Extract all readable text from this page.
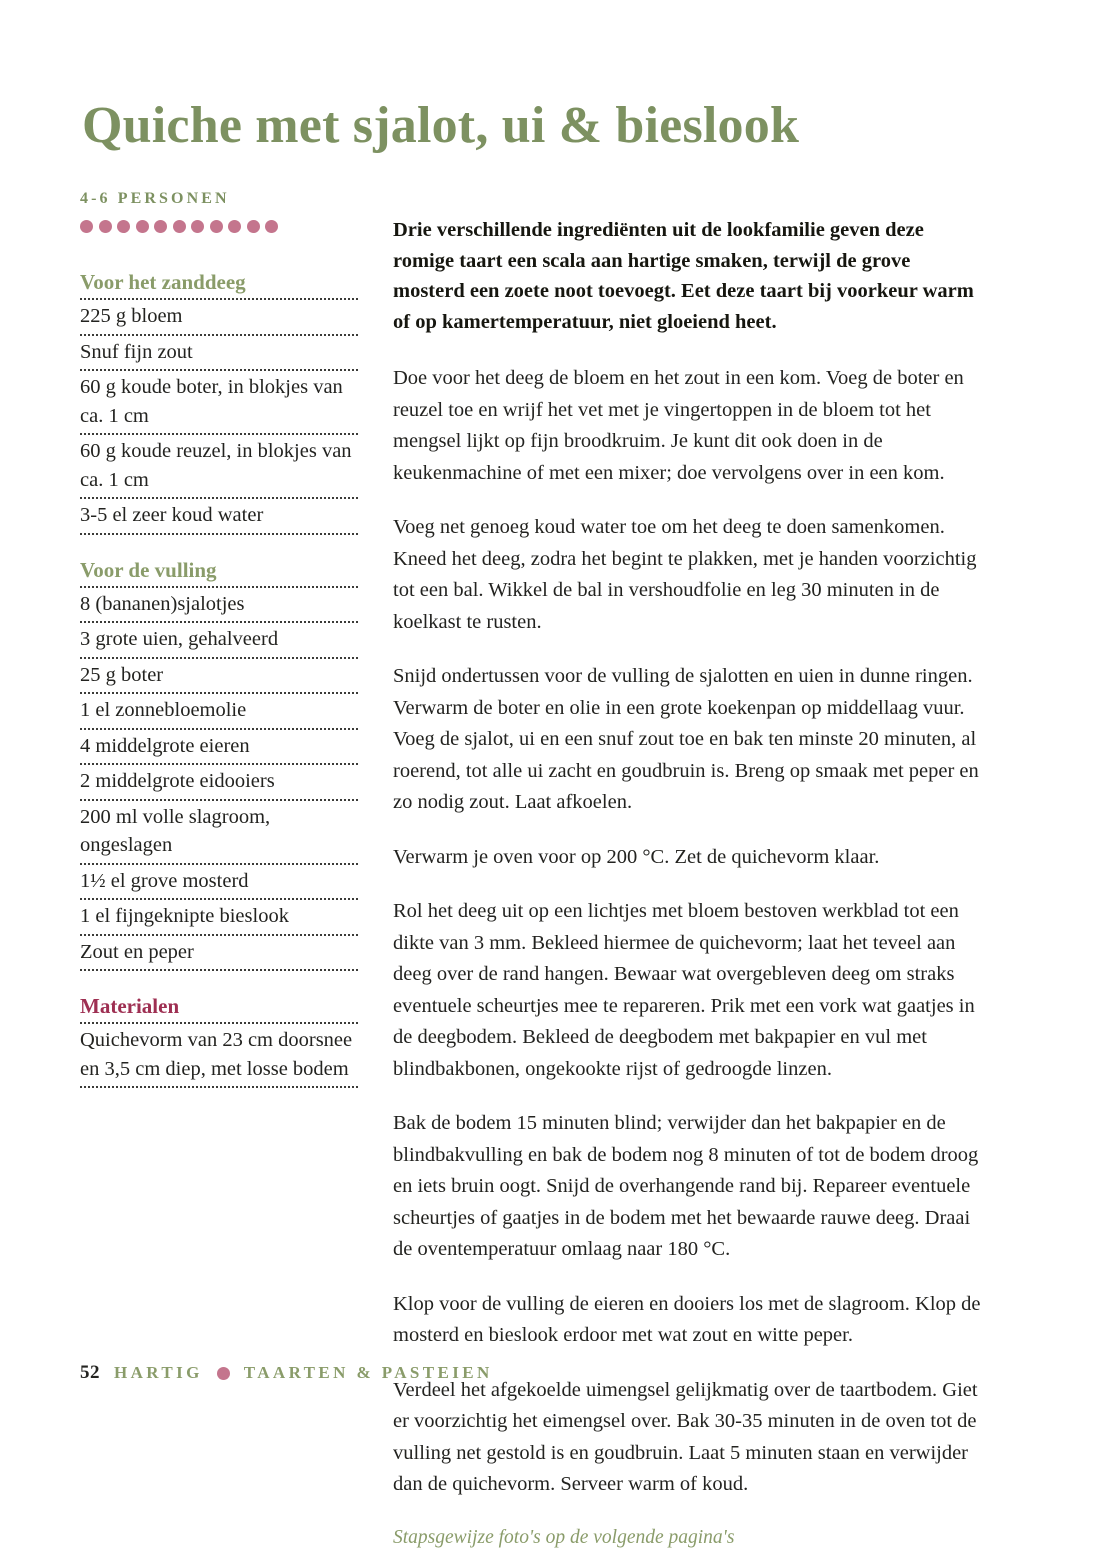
Quiche met sjalot, ui & bieslook
4-6 PERSONEN
Voor het zanddeeg
225 g bloem
Snuf fijn zout
60 g koude boter, in blokjes van ca. 1 cm
60 g koude reuzel, in blokjes van ca. 1 cm
3-5 el zeer koud water
Voor de vulling
8 (bananen)sjalotjes
3 grote uien, gehalveerd
25 g boter
1 el zonnebloemolie
4 middelgrote eieren
2 middelgrote eidooiers
200 ml volle slagroom, ongeslagen
1½ el grove mosterd
1 el fijngeknipte bieslook
Zout en peper
Materialen
Quichevorm van 23 cm doorsnee en 3,5 cm diep, met losse bodem

Drie verschillende ingrediënten uit de lookfamilie geven deze romige taart een scala aan hartige smaken, terwijl de grove mosterd een zoete noot toevoegt. Eet deze taart bij voorkeur warm of op kamertemperatuur, niet gloeiend heet.

Doe voor het deeg de bloem en het zout in een kom. Voeg de boter en reuzel toe en wrijf het vet met je vingertoppen in de bloem tot het mengsel lijkt op fijn broodkruim. Je kunt dit ook doen in de keukenmachine of met een mixer; doe vervolgens over in een kom.

Voeg net genoeg koud water toe om het deeg te doen samenkomen. Kneed het deeg, zodra het begint te plakken, met je handen voorzichtig tot een bal. Wikkel de bal in vershoudfolie en leg 30 minuten in de koelkast te rusten.

Snijd ondertussen voor de vulling de sjalotten en uien in dunne ringen. Verwarm de boter en olie in een grote koekenpan op middellaag vuur. Voeg de sjalot, ui en een snuf zout toe en bak ten minste 20 minuten, al roerend, tot alle ui zacht en goudbruin is. Breng op smaak met peper en zo nodig zout. Laat afkoelen.

Verwarm je oven voor op 200 °C. Zet de quichevorm klaar.

Rol het deeg uit op een lichtjes met bloem bestoven werkblad tot een dikte van 3 mm. Bekleed hiermee de quichevorm; laat het teveel aan deeg over de rand hangen. Bewaar wat overgebleven deeg om straks eventuele scheurtjes mee te repareren. Prik met een vork wat gaatjes in de deegbodem. Bekleed de deegbodem met bakpapier en vul met blindbakbonen, ongekookte rijst of gedroogde linzen.

Bak de bodem 15 minuten blind; verwijder dan het bakpapier en de blindbakvulling en bak de bodem nog 8 minuten of tot de bodem droog en iets bruin oogt. Snijd de overhangende rand bij. Repareer eventuele scheurtjes of gaatjes in de bodem met het bewaarde rauwe deeg. Draai de oventemperatuur omlaag naar 180 °C.

Klop voor de vulling de eieren en dooiers los met de slagroom. Klop de mosterd en bieslook erdoor met wat zout en witte peper.

Verdeel het afgekoelde uimengsel gelijkmatig over de taartbodem. Giet er voorzichtig het eimengsel over. Bak 30-35 minuten in de oven tot de vulling net gestold is en goudbruin. Laat 5 minuten staan en verwijder dan de quichevorm. Serveer warm of koud.

Stapsgewijze foto's op de volgende pagina's

52 HARTIG TAARTEN & PASTEIEN
